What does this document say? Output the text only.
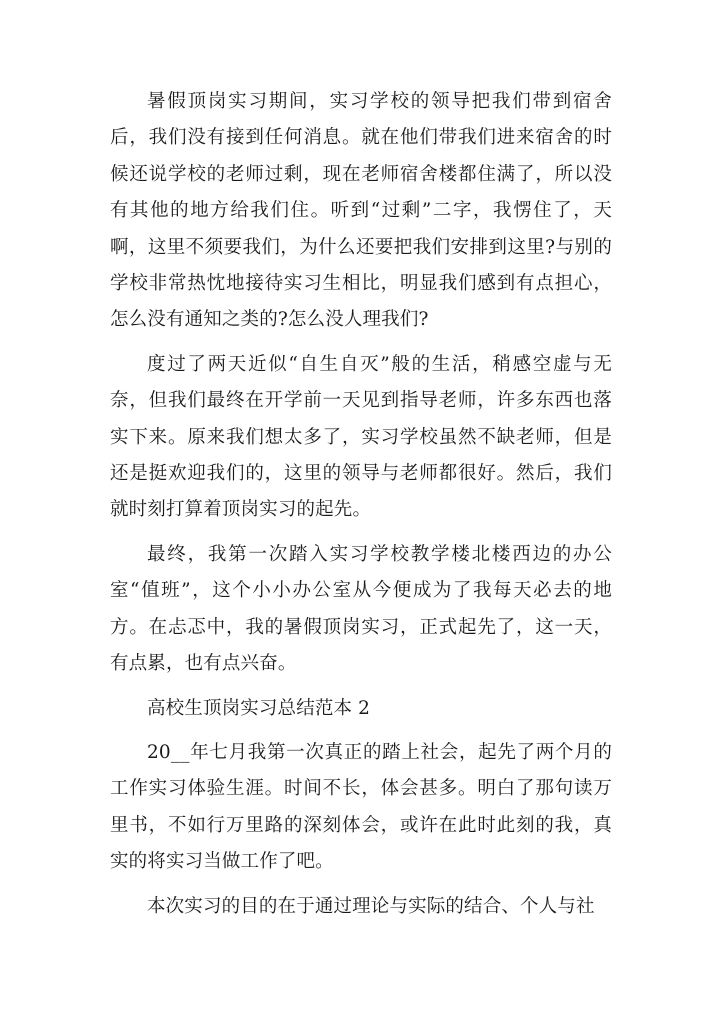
暑假顶岗实习期间，实习学校的领导把我们带到宿舍后，我们没有接到任何消息。就在他们带我们进来宿舍的时候还说学校的老师过剩，现在老师宿舍楼都住满了，所以没有其他的地方给我们住。听到“过剩”二字，我愣住了，天啊，这里不须要我们，为什么还要把我们安排到这里?与别的学校非常热忱地接待实习生相比，明显我们感到有点担心，怎么没有通知之类的?怎么没人理我们?

度过了两天近似“自生自灭”般的生活，稍感空虚与无奈，但我们最终在开学前一天见到指导老师，许多东西也落实下来。原来我们想太多了，实习学校虽然不缺老师，但是还是挺欢迎我们的，这里的领导与老师都很好。然后，我们就时刻打算着顶岗实习的起先。

最终，我第一次踏入实习学校教学楼北楼西边的办公室“值班”，这个小小办公室从今便成为了我每天必去的地方。在忐忑中，我的暑假顶岗实习，正式起先了，这一天，有点累，也有点兴奋。

高校生顶岗实习总结范本 2

20__年七月我第一次真正的踏上社会，起先了两个月的工作实习体验生涯。时间不长，体会甚多。明白了那句读万里书，不如行万里路的深刻体会，或许在此时此刻的我，真实的将实习当做工作了吧。

本次实习的目的在于通过理论与实际的结合、个人与社
